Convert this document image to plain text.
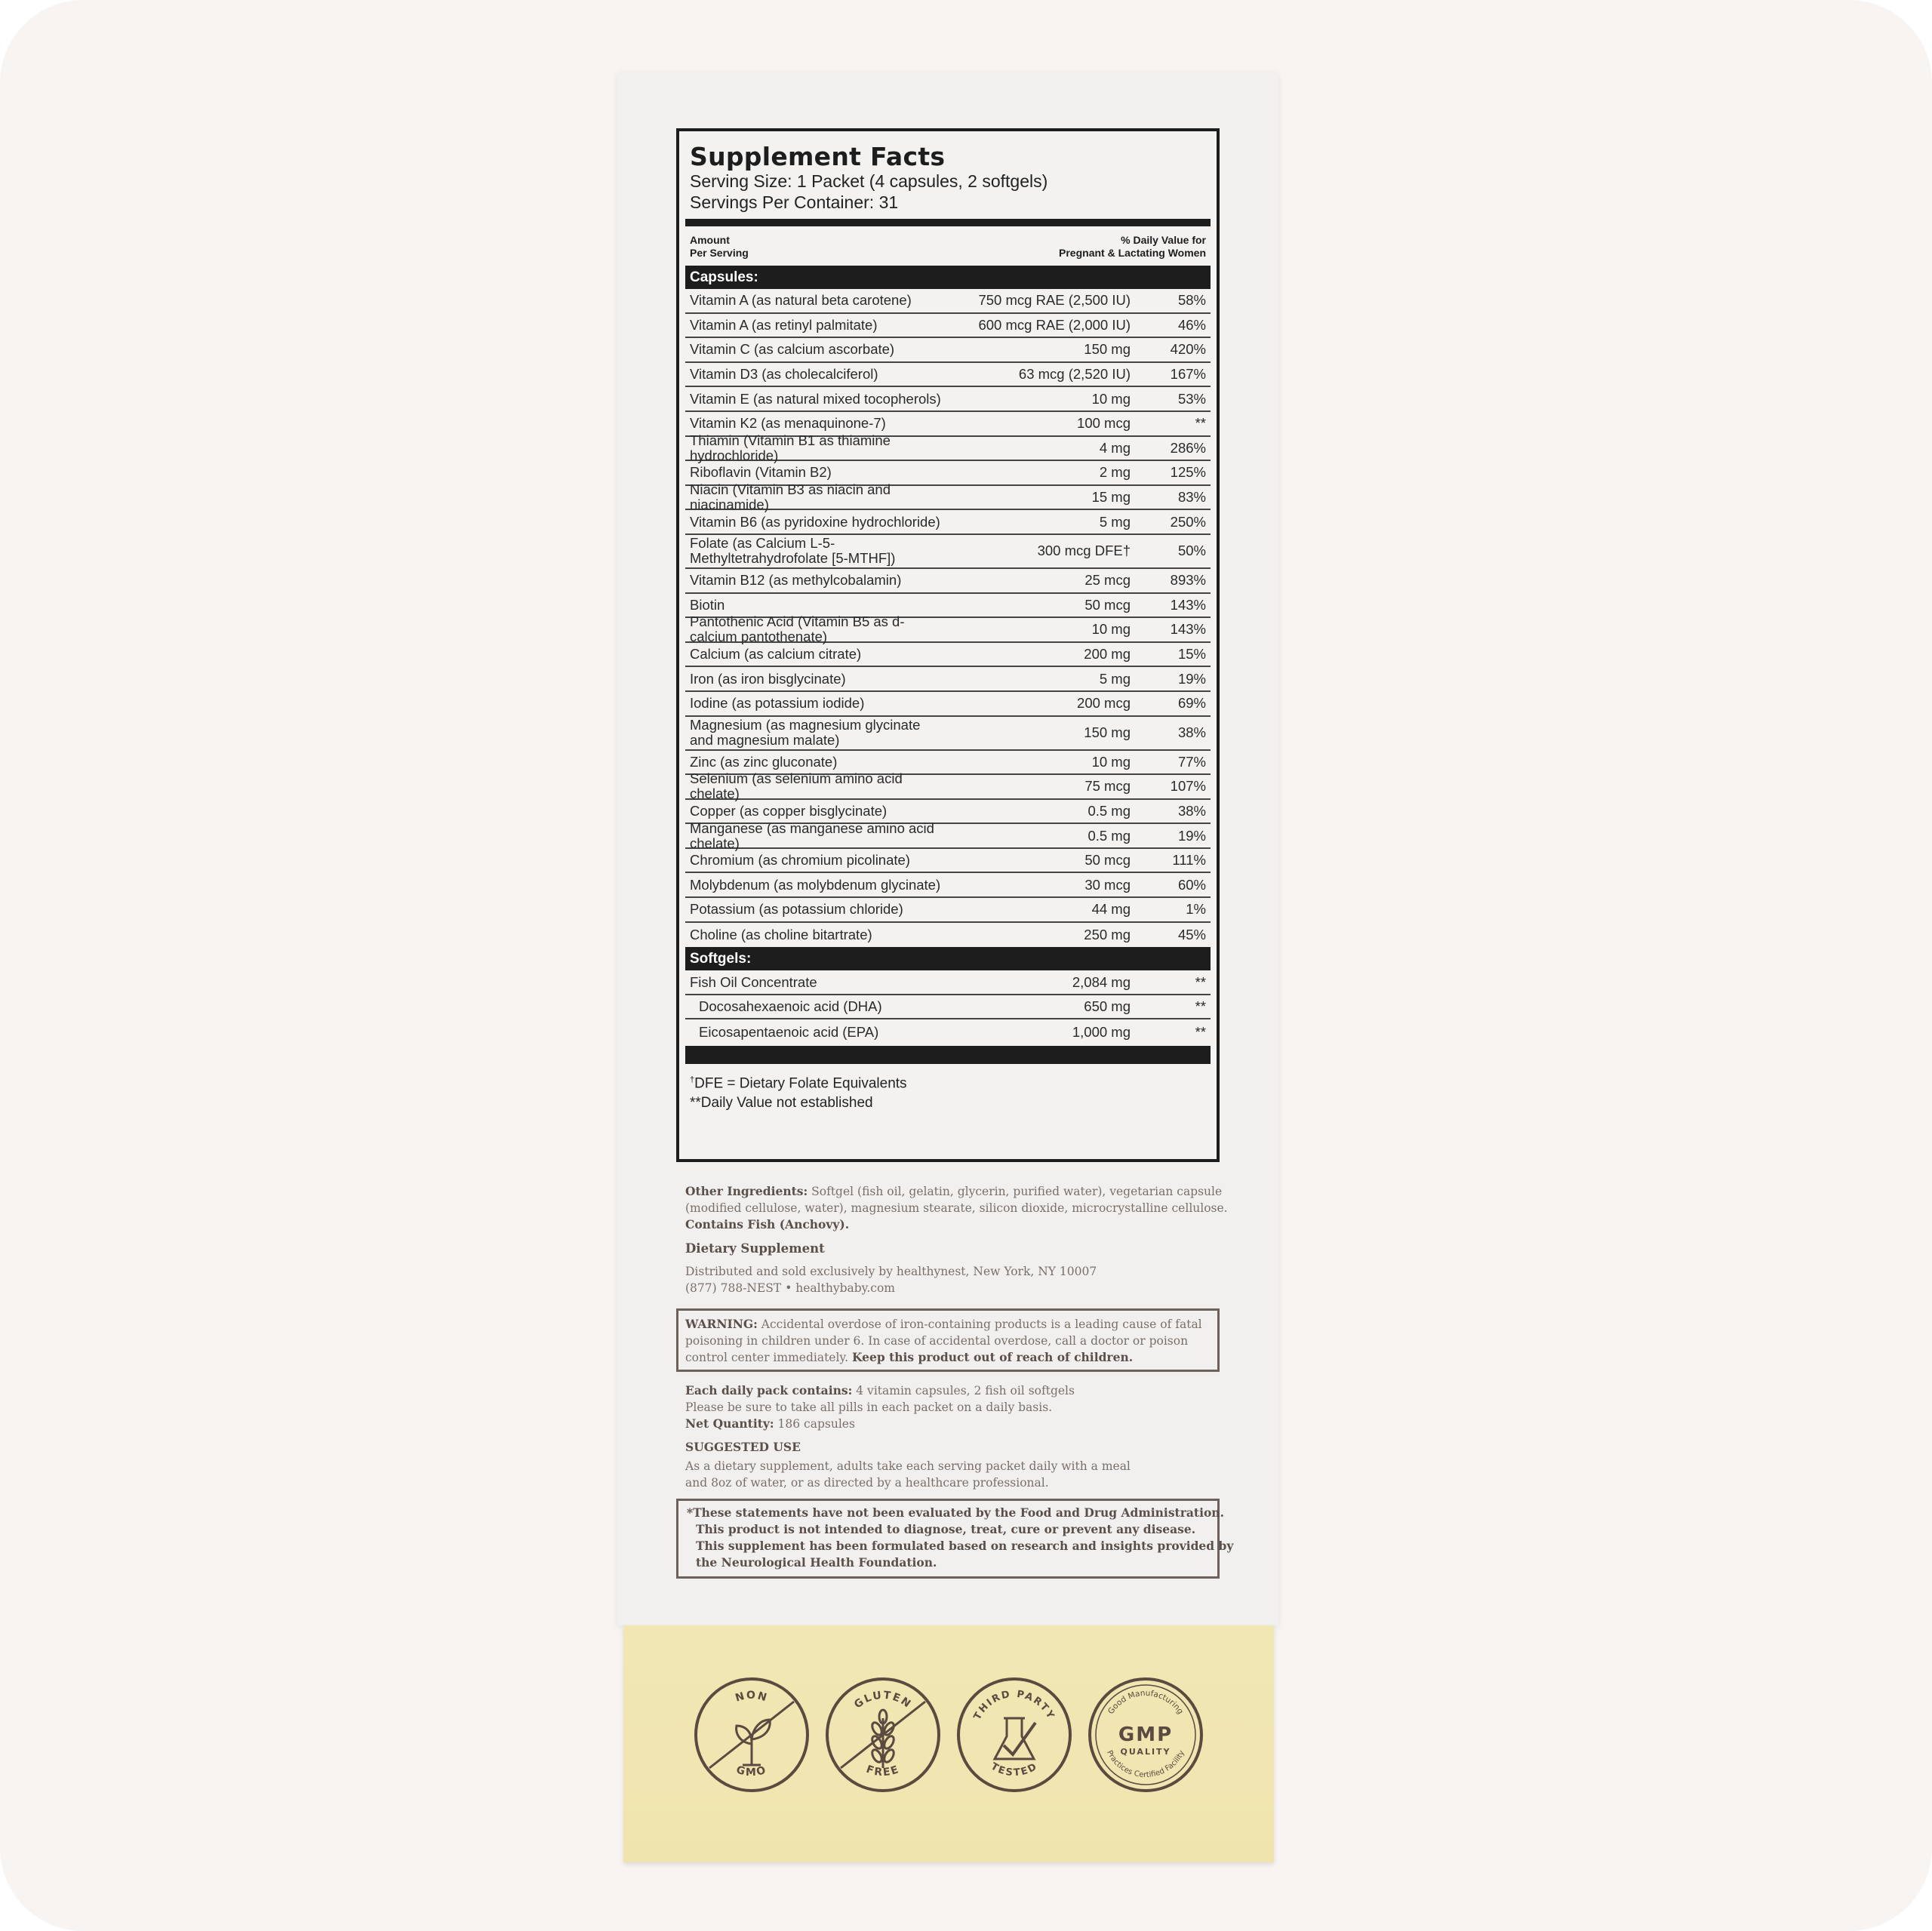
Supplement Facts
Serving Size: 1 Packet (4 capsules, 2 softgels)
Servings Per Container: 31
Amount
Per Serving
% Daily Value for
Pregnant & Lactating Women
Capsules:
Vitamin A (as natural beta carotene)	750 mcg RAE (2,500 IU)	58%
Vitamin A (as retinyl palmitate)	600 mcg RAE (2,000 IU)	46%
Vitamin C (as calcium ascorbate)	150 mg	420%
Vitamin D3 (as cholecalciferol)	63 mcg (2,520 IU)	167%
Vitamin E (as natural mixed tocopherols)	10 mg	53%
Vitamin K2 (as menaquinone-7)	100 mcg	**
Thiamin (Vitamin B1 as thiamine hydrochloride)	4 mg	286%
Riboflavin (Vitamin B2)	2 mg	125%
Niacin (Vitamin B3 as niacin and niacinamide)	15 mg	83%
Vitamin B6 (as pyridoxine hydrochloride)	5 mg	250%
Folate (as Calcium L-5-
Methyltetrahydrofolate [5-MTHF])	300 mcg DFE†	50%
Vitamin B12 (as methylcobalamin)	25 mcg	893%
Biotin	50 mcg	143%
Pantothenic Acid (Vitamin B5 as d-calcium pantothenate)	10 mg	143%
Calcium (as calcium citrate)	200 mg	15%
Iron (as iron bisglycinate)	5 mg	19%
Iodine (as potassium iodide)	200 mcg	69%
Magnesium (as magnesium glycinate
and magnesium malate)	150 mg	38%
Zinc (as zinc gluconate)	10 mg	77%
Selenium (as selenium amino acid chelate)	75 mcg	107%
Copper (as copper bisglycinate)	0.5 mg	38%
Manganese (as manganese amino acid chelate)	0.5 mg	19%
Chromium (as chromium picolinate)	50 mcg	111%
Molybdenum (as molybdenum glycinate)	30 mcg	60%
Potassium (as potassium chloride)	44 mg	1%
Choline (as choline bitartrate)	250 mg	45%
Softgels:
Fish Oil Concentrate	2,084 mg	**
Docosahexaenoic acid (DHA)	650 mg	**
Eicosapentaenoic acid (EPA)	1,000 mg	**
†DFE = Dietary Folate Equivalents
**Daily Value not established
Other Ingredients: Softgel (fish oil, gelatin, glycerin, purified water), vegetarian capsule
(modified cellulose, water), magnesium stearate, silicon dioxide, microcrystalline cellulose.
Contains Fish (Anchovy).
Dietary Supplement
Distributed and sold exclusively by healthynest, New York, NY 10007
(877) 788-NEST • healthybaby.com
WARNING: Accidental overdose of iron-containing products is a leading cause of fatal
poisoning in children under 6. In case of accidental overdose, call a doctor or poison
control center immediately. Keep this product out of reach of children.
Each daily pack contains: 4 vitamin capsules, 2 fish oil softgels
Please be sure to take all pills in each packet on a daily basis.
Net Quantity: 186 capsules
SUGGESTED USE
As a dietary supplement, adults take each serving packet daily with a meal
and 8oz of water, or as directed by a healthcare professional.
*These statements have not been evaluated by the Food and Drug Administration.
This product is not intended to diagnose, treat, cure or prevent any disease.
This supplement has been formulated based on research and insights provided by
the Neurological Health Foundation.
NON
GMO
GLUTEN
FREE
THIRD PARTY
TESTED
Good Manufacturing
Practices Certified Facility
GMP
QUALITY
